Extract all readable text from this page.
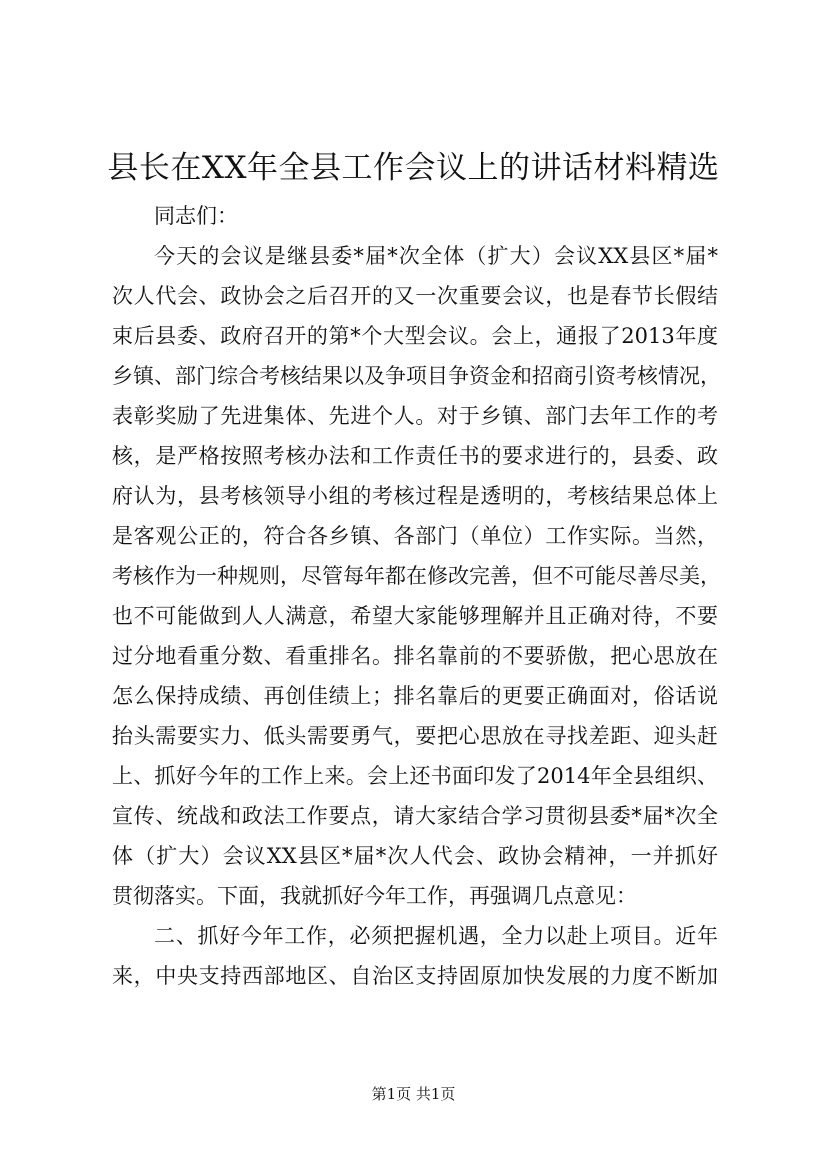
县长在XX年全县工作会议上的讲话材料精选
同志们：
今天的会议是继县委*届*次全体（扩大）会议XX县区*届*
次人代会、政协会之后召开的又一次重要会议，也是春节长假结
束后县委、政府召开的第*个大型会议。会上，通报了2013年度
乡镇、部门综合考核结果以及争项目争资金和招商引资考核情况，
表彰奖励了先进集体、先进个人。对于乡镇、部门去年工作的考
核，是严格按照考核办法和工作责任书的要求进行的，县委、政
府认为，县考核领导小组的考核过程是透明的，考核结果总体上
是客观公正的，符合各乡镇、各部门（单位）工作实际。当然，
考核作为一种规则，尽管每年都在修改完善，但不可能尽善尽美，
也不可能做到人人满意，希望大家能够理解并且正确对待，不要
过分地看重分数、看重排名。排名靠前的不要骄傲，把心思放在
怎么保持成绩、再创佳绩上；排名靠后的更要正确面对，俗话说
抬头需要实力、低头需要勇气，要把心思放在寻找差距、迎头赶
上、抓好今年的工作上来。会上还书面印发了2014年全县组织、
宣传、统战和政法工作要点，请大家结合学习贯彻县委*届*次全
体（扩大）会议XX县区*届*次人代会、政协会精神，一并抓好
贯彻落实。下面，我就抓好今年工作，再强调几点意见：
二、抓好今年工作，必须把握机遇，全力以赴上项目。近年
来，中央支持西部地区、自治区支持固原加快发展的力度不断加
第1页 共1页
